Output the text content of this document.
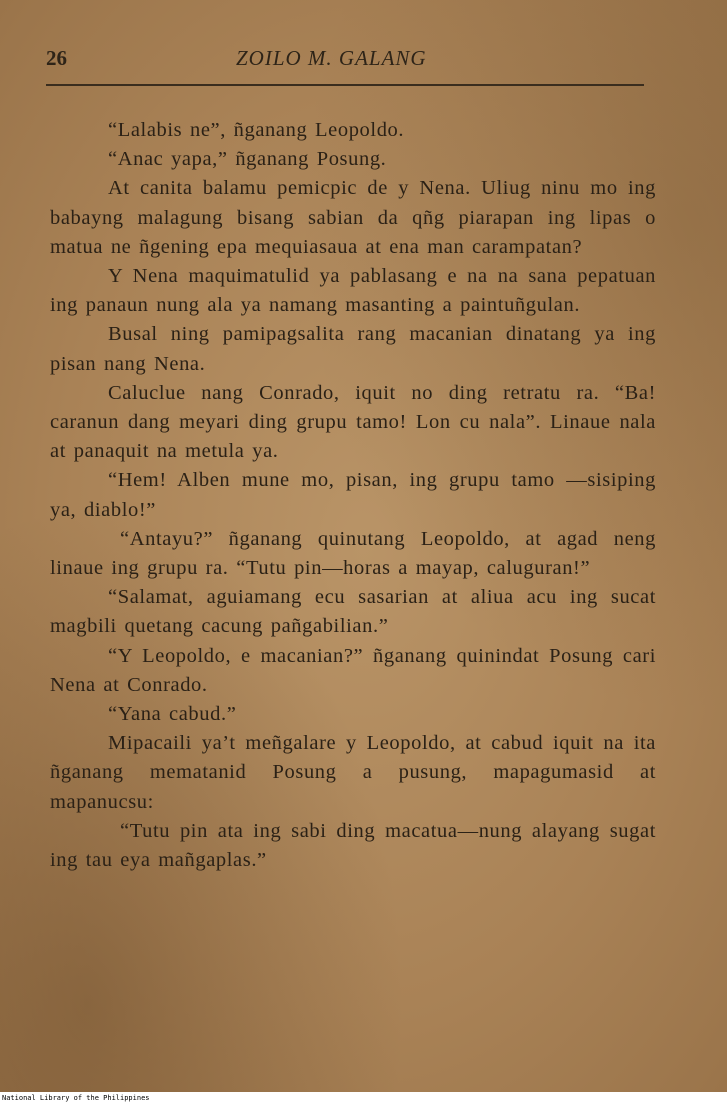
26	ZOILO M. GALANG

“Lalabis ne”, ñganang Leopoldo.

“Anac yapa,” ñganang Posung.

At canita balamu pemicpic de y Nena. Uliug ninu mo ing babayng malagung bisang sabian da qñg piarapan ing lipas o matua ne ñgening epa mequiasaua at ena man carampatan?

Y Nena maquimatulid ya pablasang e na na sana pepatuan ing panaun nung ala ya namang masanting a paintuñgulan.

Busal ning pamipagsalita rang macanian dinatang ya ing pisan nang Nena.

Caluclue nang Conrado, iquit no ding retratu ra. “Ba! caranun dang meyari ding grupu tamo! Lon cu nala”. Linaue nala at panaquit na metula ya.

“Hem! Alben mune mo, pisan, ing grupu tamo —sisiping ya, diablo!”

“Antayu?” ñganang quinutang Leopoldo, at agad neng linaue ing grupu ra. “Tutu pin—horas a mayap, caluguran!”

“Salamat, aguiamang ecu sasarian at aliua acu ing sucat magbili quetang cacung pañgabilian.”

“Y Leopoldo, e macanian?” ñganang quinindat Posung cari Nena at Conrado.

“Yana cabud.”

Mipacaili ya’t meñgalare y Leopoldo, at cabud iquit na ita ñganang mematanid Posung a pusung, mapagumasid at mapanucsu:

“Tutu pin ata ing sabi ding macatua—nung alayang sugat ing tau eya mañgaplas.”

National Library of the Philippines
